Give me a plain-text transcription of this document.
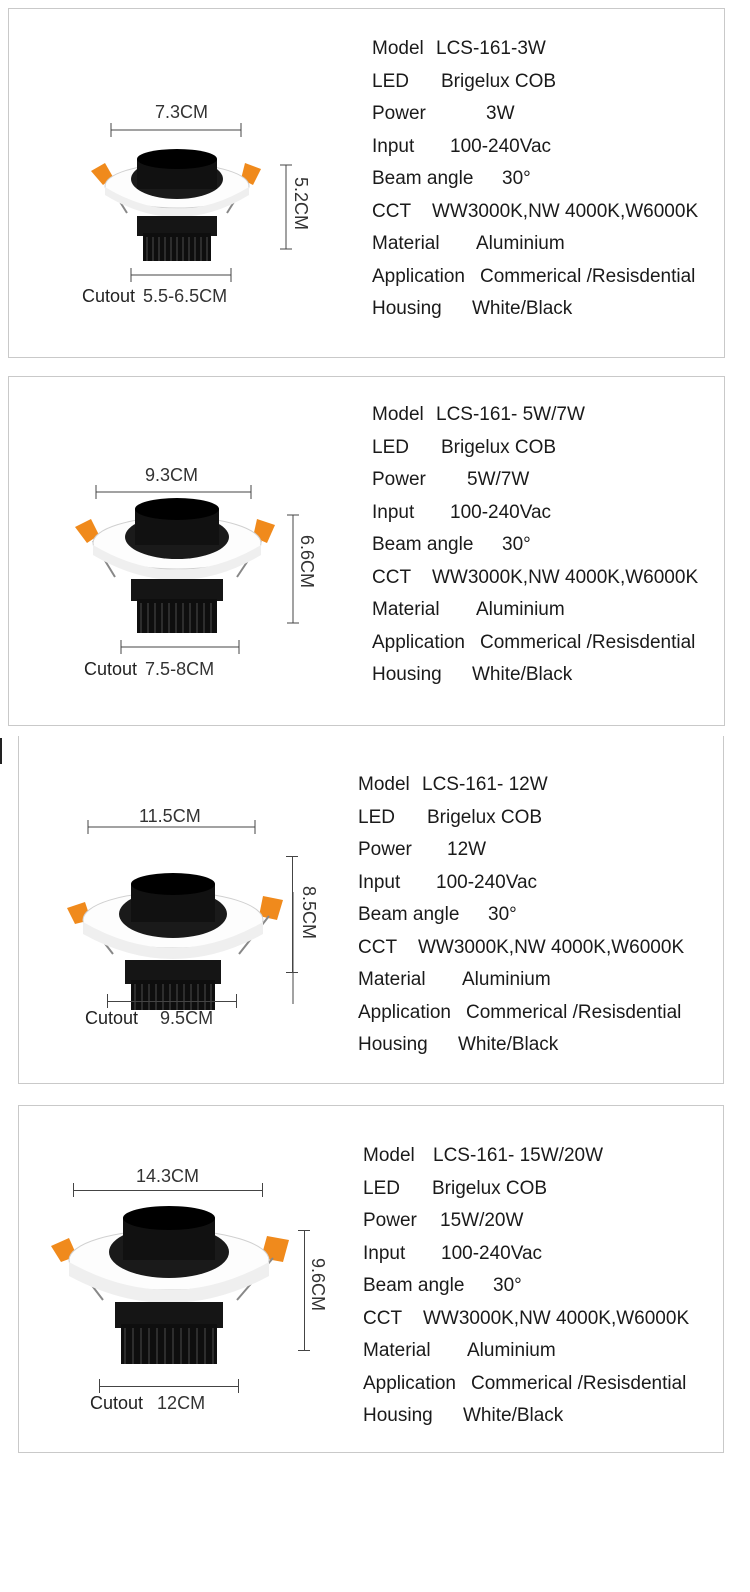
7.3CM
5.2CM
Cutout 5.5-6.5CM
Model LCS-161-3W
LED Brigelux COB
Power	3W
Input 100-240Vac
Beam angle 30°
CCT WW3000K,NW 4000K,W6000K
Material Aluminium
Application Commerical /Resisdential
Housing White/Black
9.3CM
6.6CM
Cutout 7.5-8CM
Model LCS-161- 5W/7W
LED Brigelux COB
Power 5W/7W
Input 100-240Vac
Beam angle 30°
CCT WW3000K,NW 4000K,W6000K
Material Aluminium
Application Commerical /Resisdential
Housing White/Black
11.5CM
8.5CM
Cutout 9.5CM
Model LCS-161- 12W
LED Brigelux COB
Power 12W
Input 100-240Vac
Beam angle 30°
CCT WW3000K,NW 4000K,W6000K
Material Aluminium
Application Commerical /Resisdential
Housing White/Black
14.3CM
9.6CM
Cutout 12CM
Model LCS-161- 15W/20W
LED Brigelux COB
Power 15W/20W
Input 100-240Vac
Beam angle 30°
CCT WW3000K,NW 4000K,W6000K
Material Aluminium
Application Commerical /Resisdential
Housing White/Black
